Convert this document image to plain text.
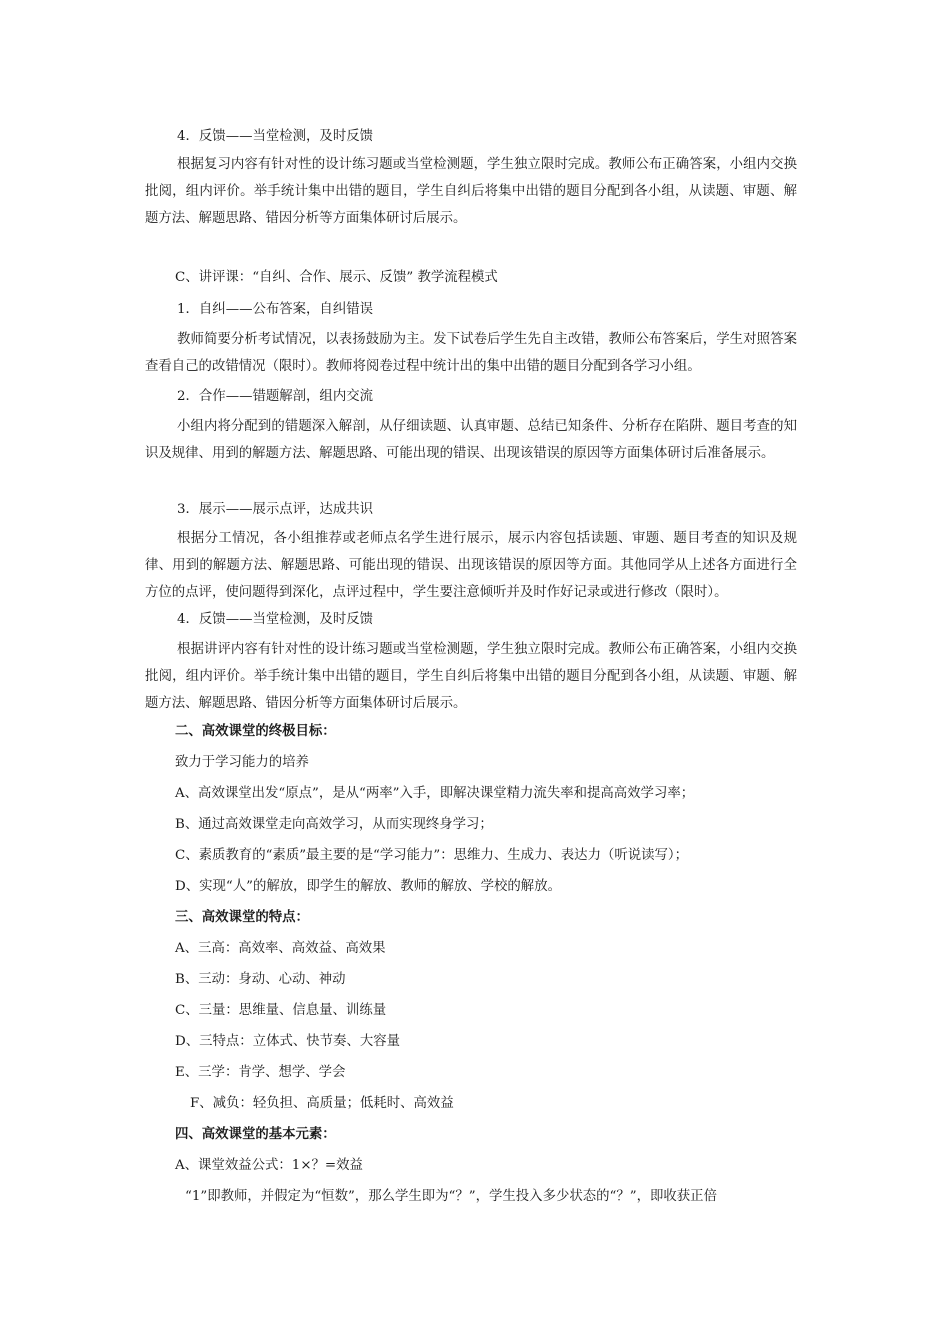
4．反馈——当堂检测，及时反馈

根据复习内容有针对性的设计练习题或当堂检测题，学生独立限时完成。教师公布正确答案，小组内交换批阅，组内评价。举手统计集中出错的题目，学生自纠后将集中出错的题目分配到各小组，从读题、审题、解题方法、解题思路、错因分析等方面集体研讨后展示。

C、讲评课：“自纠、合作、展示、反馈” 教学流程模式

1．自纠——公布答案，自纠错误

教师简要分析考试情况，以表扬鼓励为主。发下试卷后学生先自主改错，教师公布答案后，学生对照答案查看自己的改错情况（限时）。教师将阅卷过程中统计出的集中出错的题目分配到各学习小组。

2．合作——错题解剖，组内交流

小组内将分配到的错题深入解剖，从仔细读题、认真审题、总结已知条件、分析存在陷阱、题目考查的知识及规律、用到的解题方法、解题思路、可能出现的错误、出现该错误的原因等方面集体研讨后准备展示。

3．展示——展示点评，达成共识

根据分工情况，各小组推荐或老师点名学生进行展示，展示内容包括读题、审题、题目考查的知识及规律、用到的解题方法、解题思路、可能出现的错误、出现该错误的原因等方面。其他同学从上述各方面进行全方位的点评，使问题得到深化，点评过程中，学生要注意倾听并及时作好记录或进行修改（限时）。

4．反馈——当堂检测，及时反馈

根据讲评内容有针对性的设计练习题或当堂检测题，学生独立限时完成。教师公布正确答案，小组内交换批阅，组内评价。举手统计集中出错的题目，学生自纠后将集中出错的题目分配到各小组，从读题、审题、解题方法、解题思路、错因分析等方面集体研讨后展示。

二、高效课堂的终极目标：

致力于学习能力的培养

A、高效课堂出发“原点”，是从“两率”入手，即解决课堂精力流失率和提高高效学习率；

B、通过高效课堂走向高效学习，从而实现终身学习；

C、素质教育的“素质”最主要的是“学习能力”：思维力、生成力、表达力（听说读写）；

D、实现“人”的解放，即学生的解放、教师的解放、学校的解放。

三、高效课堂的特点：

A、三高：高效率、高效益、高效果

B、三动：身动、心动、神动

C、三量：思维量、信息量、训练量

D、三特点：立体式、快节奏、大容量

E、三学：肯学、想学、学会

F、减负：轻负担、高质量；低耗时、高效益

四、高效课堂的基本元素：

A、课堂效益公式：1×？=效益

“1”即教师，并假定为“恒数”，那么学生即为“？”，学生投入多少状态的“？”，即收获正倍
